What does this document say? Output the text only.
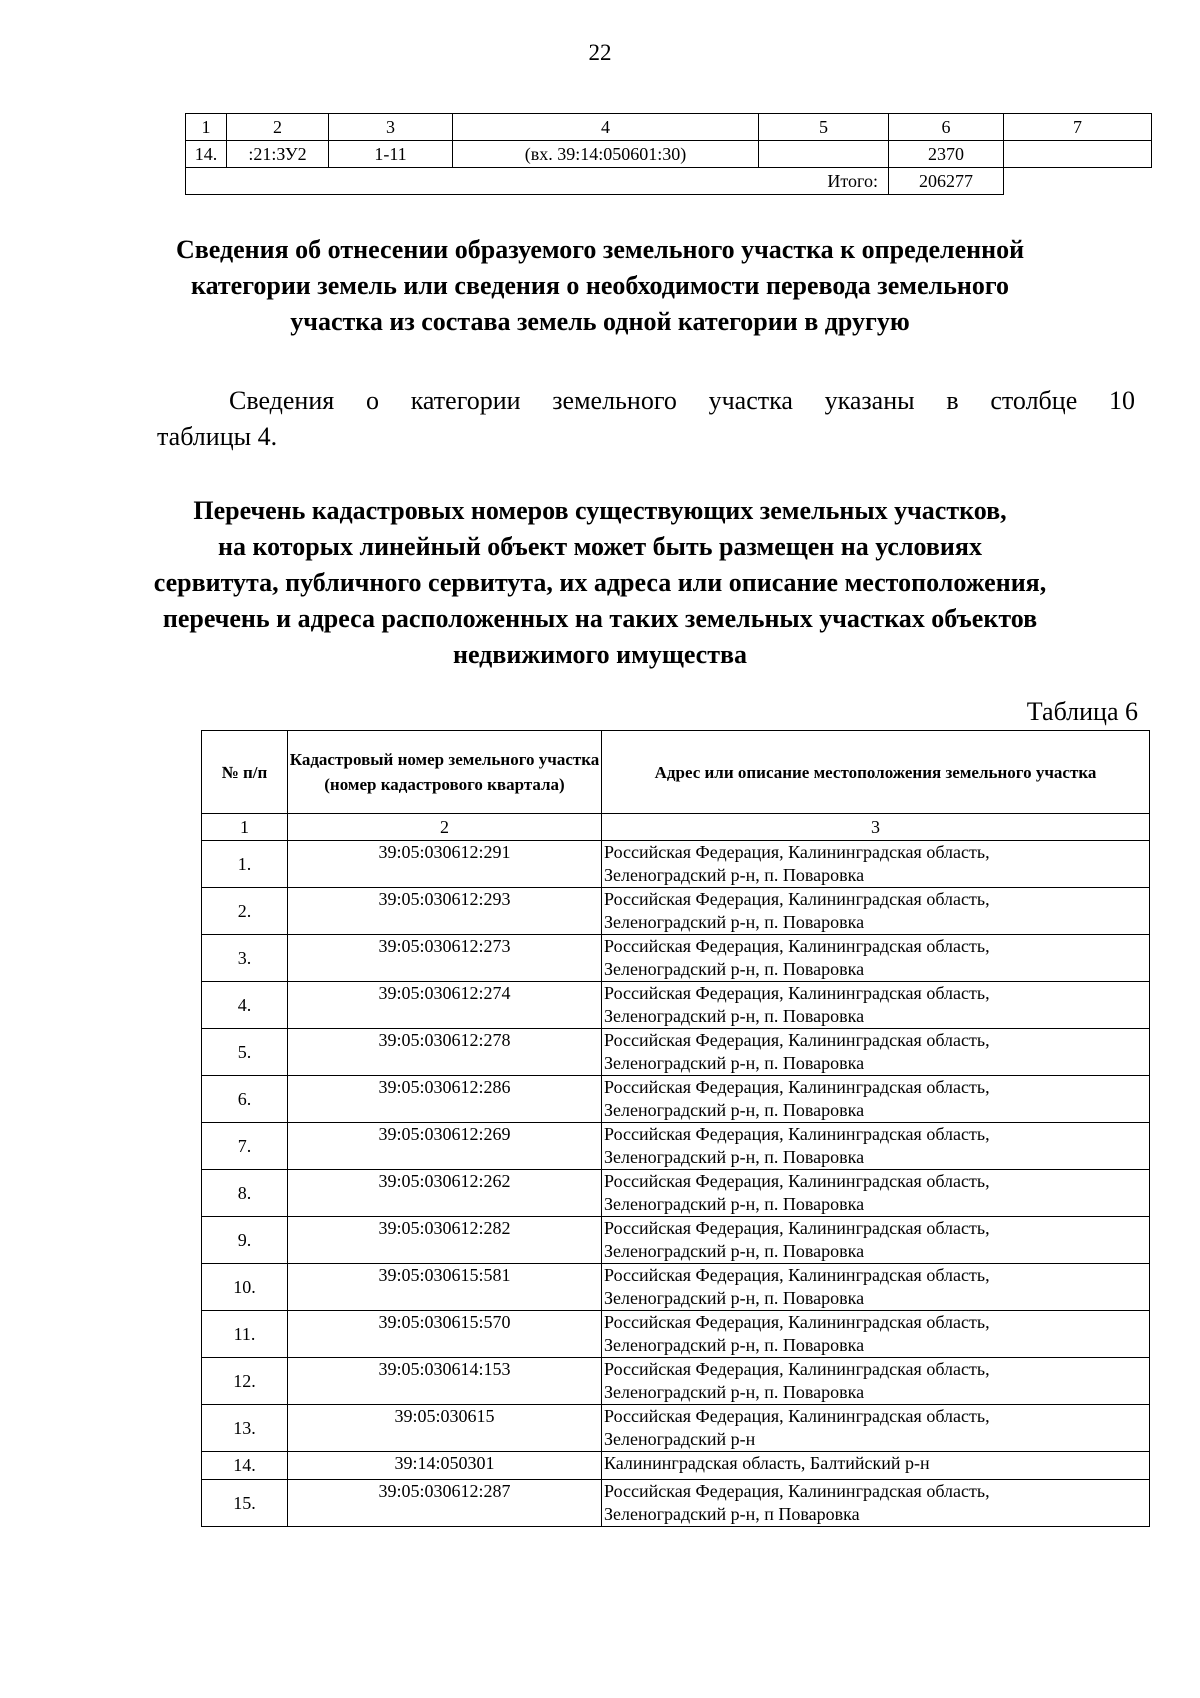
22
1	2	3	4	5	6	7
14.	:21:ЗУ2	1-11	(вх. 39:14:050601:30)		2370	
Итого:					206277	
Сведения об отнесении образуемого земельного участка к определенной
категории земель или сведения о необходимости перевода земельного
участка из состава земель одной категории в другую
Сведения о категории земельного участка указаны в столбце 10
таблицы 4.
Перечень кадастровых номеров существующих земельных участков,
на которых линейный объект может быть размещен на условиях
сервитута, публичного сервитута, их адреса или описание местоположения,
перечень и адреса расположенных на таких земельных участках объектов
недвижимого имущества
Таблица 6
№ п/п	Кадастровый номер земельного участка (номер кадастрового квартала)	Адрес или описание местоположения земельного участка
1	2	3
1.	39:05:030612:291	Российская Федерация, Калининградская область,
Зеленоградский р-н, п. Поваровка

2.	39:05:030612:293	Российская Федерация, Калининградская область,
Зеленоградский р-н, п. Поваровка

3.	39:05:030612:273	Российская Федерация, Калининградская область,
Зеленоградский р-н, п. Поваровка

4.	39:05:030612:274	Российская Федерация, Калининградская область,
Зеленоградский р-н, п. Поваровка

5.	39:05:030612:278	Российская Федерация, Калининградская область,
Зеленоградский р-н, п. Поваровка

6.	39:05:030612:286	Российская Федерация, Калининградская область,
Зеленоградский р-н, п. Поваровка

7.	39:05:030612:269	Российская Федерация, Калининградская область,
Зеленоградский р-н, п. Поваровка

8.	39:05:030612:262	Российская Федерация, Калининградская область,
Зеленоградский р-н, п. Поваровка

9.	39:05:030612:282	Российская Федерация, Калининградская область,
Зеленоградский р-н, п. Поваровка

10.	39:05:030615:581	Российская Федерация, Калининградская область,
Зеленоградский р-н, п. Поваровка

11.	39:05:030615:570	Российская Федерация, Калининградская область,
Зеленоградский р-н, п. Поваровка

12.	39:05:030614:153	Российская Федерация, Калининградская область,
Зеленоградский р-н, п. Поваровка

13.	39:05:030615	Российская Федерация, Калининградская область,
Зеленоградский р-н

14.	39:14:050301	Калининградская область, Балтийский р-н

15.	39:05:030612:287	Российская Федерация, Калининградская область,
Зеленоградский р-н, п Поваровка
